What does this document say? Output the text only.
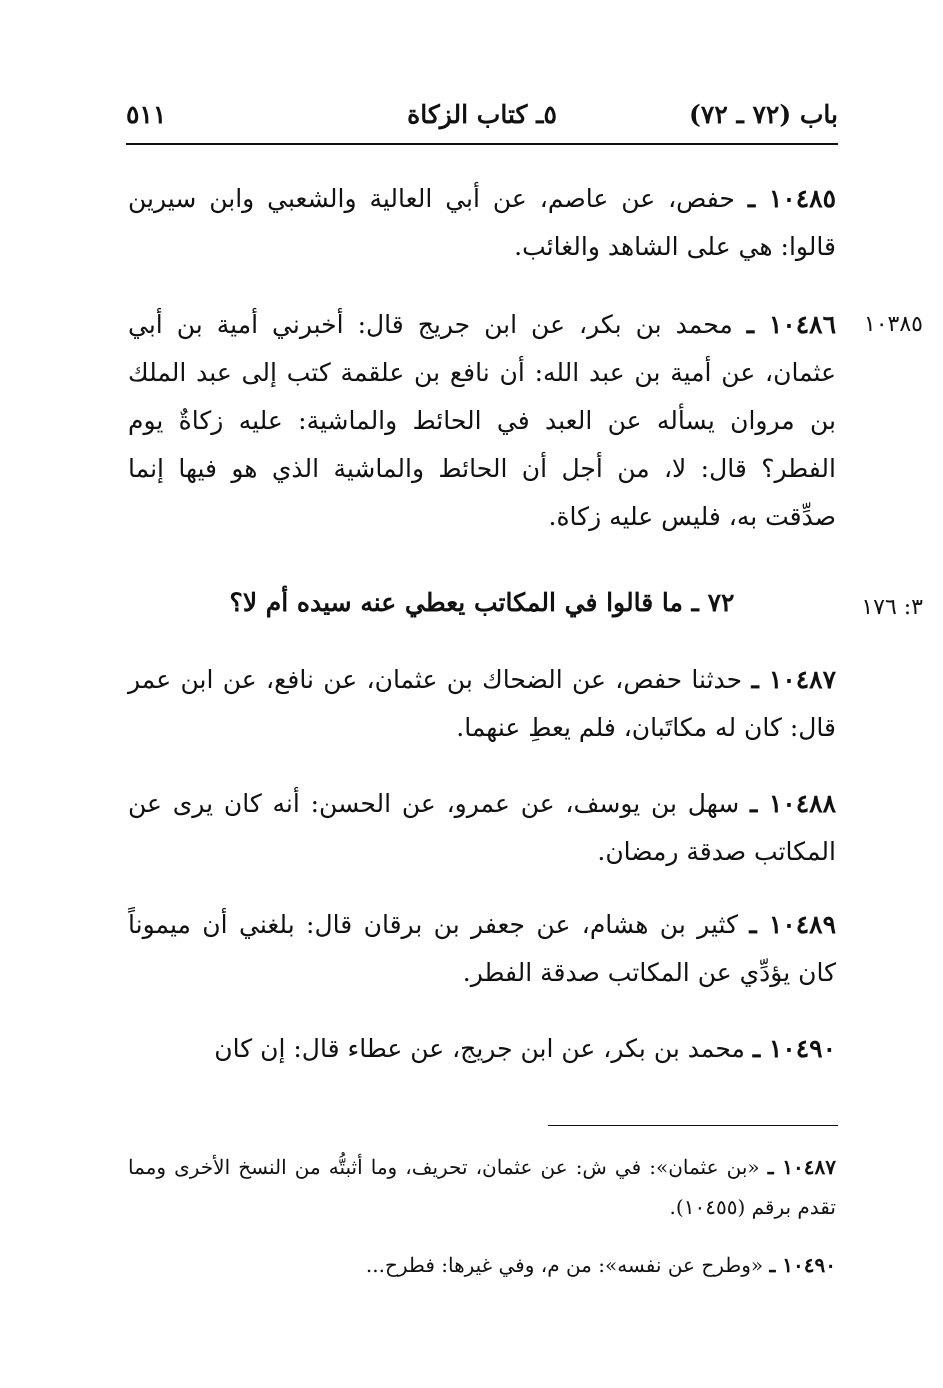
باب (٧٢ ـ ٧٢)
٥ـ كتاب الزكاة
٥١١
١٠٤٨٥ ـ حفص، عن عاصم، عن أبي العالية والشعبي وابن سيرين قالوا: هي على الشاهد والغائب.
١٠٣٨٥
١٠٤٨٦ ـ محمد بن بكر، عن ابن جريج قال: أخبرني أمية بن أبي عثمان، عن أمية بن عبد الله: أن نافع بن علقمة كتب إلى عبد الملك بن مروان يسأله عن العبد في الحائط والماشية: عليه زكاةٌ يوم الفطر؟ قال: لا، من أجل أن الحائط والماشية الذي هو فيها إنما صدِّقت به، فليس عليه زكاة.
٣: ١٧٦
٧٢ ـ ما قالوا في المكاتب يعطي عنه سيده أم لا؟
١٠٤٨٧ ـ حدثنا حفص، عن الضحاك بن عثمان، عن نافع، عن ابن عمر قال: كان له مكاتَبان، فلم يعطِ عنهما.
١٠٤٨٨ ـ سهل بن يوسف، عن عمرو، عن الحسن: أنه كان يرى عن المكاتب صدقة رمضان.
١٠٤٨٩ ـ كثير بن هشام، عن جعفر بن برقان قال: بلغني أن ميموناً كان يؤدِّي عن المكاتب صدقة الفطر.
١٠٤٩٠ ـ محمد بن بكر، عن ابن جريج، عن عطاء قال: إن كان
١٠٤٨٧ ـ «بن عثمان»: في ش: عن عثمان، تحريف، وما أثبتُّه من النسخ الأخرى ومما تقدم برقم (١٠٤٥٥).
١٠٤٩٠ ـ «وطرح عن نفسه»: من م، وفي غيرها: فطرح...
